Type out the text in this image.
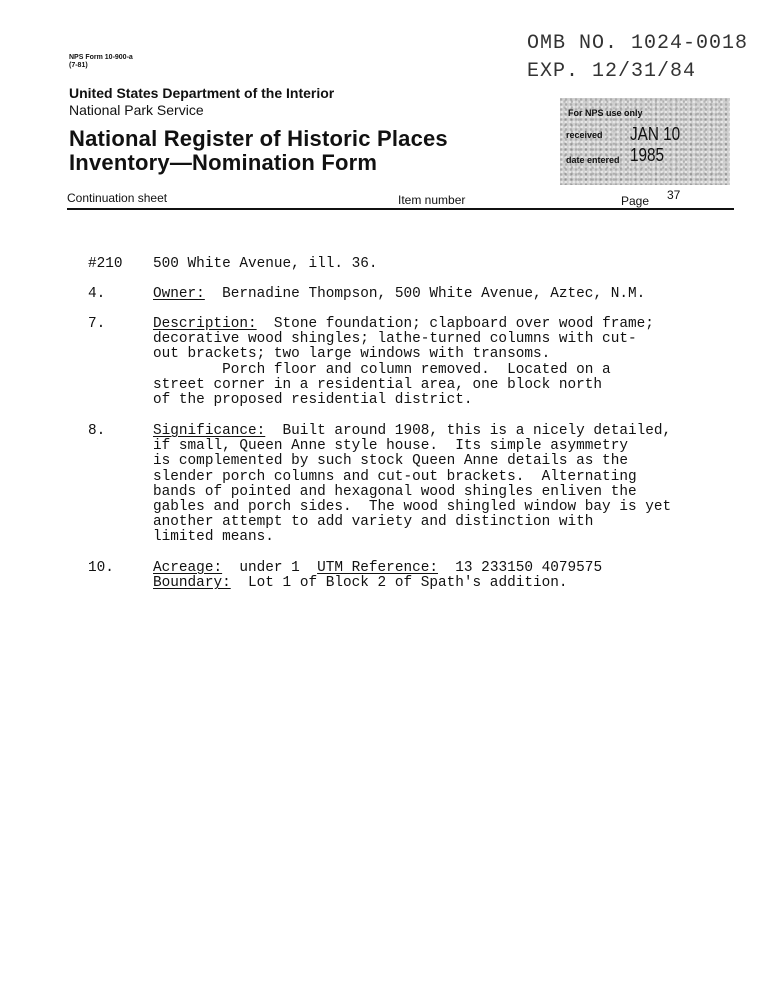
NPS Form 10-900-a
(7-81)
United States Department of the Interior
National Park Service
National Register of Historic Places
Inventory—Nomination Form
OMB NO. 1024-0018
EXP. 12/31/84
For NPS use only
received JAN 10 1985
date entered
Continuation sheet	Item number	Page 37
#210 500 White Avenue, ill. 36.
4.	Owner:  Bernadine Thompson, 500 White Avenue, Aztec, N.M.
7.	Description:  Stone foundation; clapboard over wood frame;
decorative wood shingles; lathe-turned columns with cut-
out brackets; two large windows with transoms.
Porch floor and column removed.  Located on a
street corner in a residential area, one block north
of the proposed residential district.
8.	Significance:  Built around 1908, this is a nicely detailed,
if small, Queen Anne style house.  Its simple asymmetry
is complemented by such stock Queen Anne details as the
slender porch columns and cut-out brackets.  Alternating
bands of pointed and hexagonal wood shingles enliven the
gables and porch sides.  The wood shingled window bay is yet
another attempt to add variety and distinction with
limited means.
10.	Acreage:  under 1  UTM Reference:  13 233150 4079575
Boundary:  Lot 1 of Block 2 of Spath's addition.
